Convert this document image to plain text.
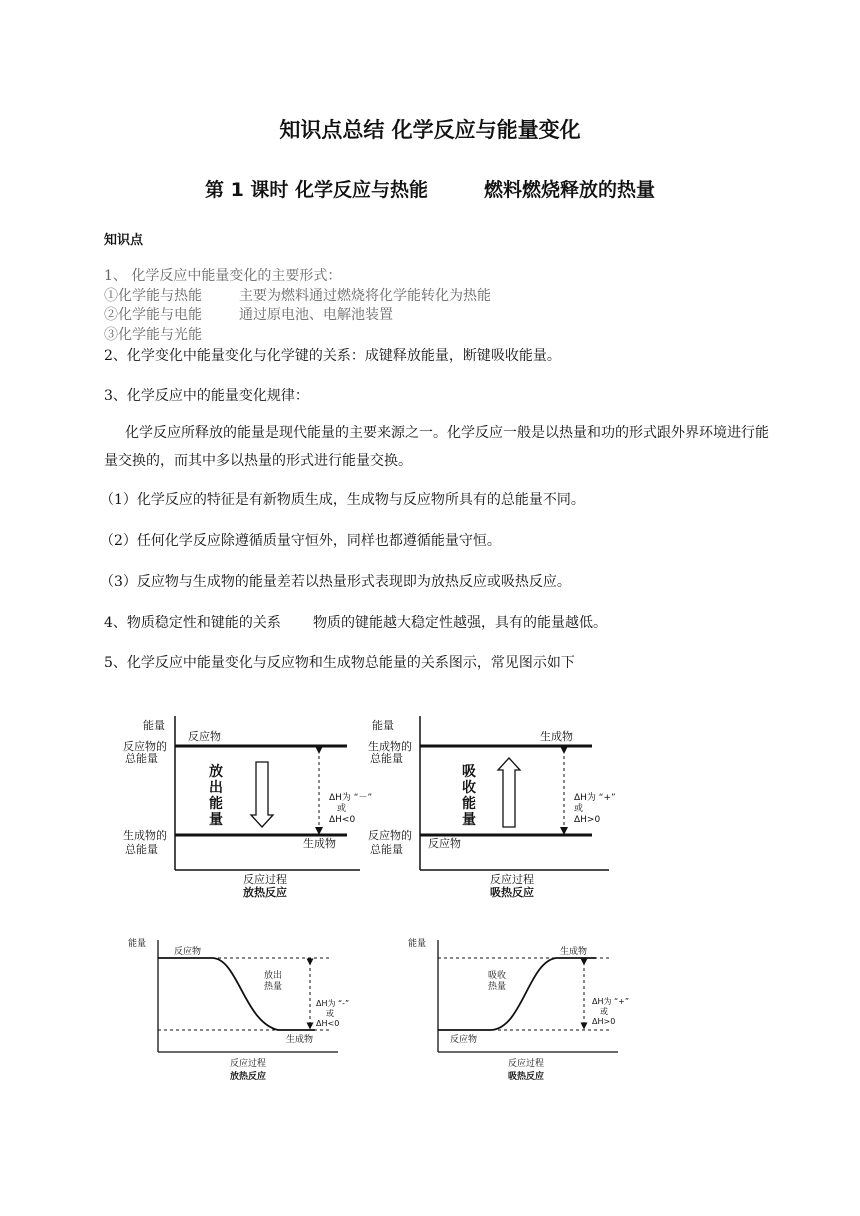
知识点总结 化学反应与能量变化
第 1 课时 化学反应与热能	燃料燃烧释放的热量
知识点
1、 化学反应中能量变化的主要形式：
①化学能与热能	主要为燃料通过燃烧将化学能转化为热能
②化学能与电能	通过原电池、电解池装置
③化学能与光能
2、化学变化中能量变化与化学键的关系：成键释放能量，断键吸收能量。
3、化学反应中的能量变化规律：
化学反应所释放的能量是现代能量的主要来源之一。化学反应一般是以热量和功的形式跟外界环境进行能量交换的，而其中多以热量的形式进行能量交换。
（1）化学反应的特征是有新物质生成，生成物与反应物所具有的总能量不同。
（2）任何化学反应除遵循质量守恒外，同样也都遵循能量守恒。
（3）反应物与生成物的能量差若以热量形式表现即为放热反应或吸热反应。
4、物质稳定性和键能的关系 物质的键能越大稳定性越强，具有的能量越低。
5、化学反应中能量变化与反应物和生成物总能量的关系图示，常见图示如下
能量
反应物
反应物的
总能量
生成物的
总能量	生成物
放
出
能
量
ΔH为 “－”
或
ΔH<0
反应过程
放热反应
能量
生成物
生成物的
总能量
反应物的
总能量 反应物
吸
收
能
量
ΔH为 “+”
或
ΔH>0
反应过程
吸热反应
能量
反应物
生成物
放出
热量
ΔH为 “-”
或
ΔH<0
反应过程
放热反应
能量
生成物
反应物
吸收
热量
ΔH为 “+”
或
ΔH>0
反应过程
吸热反应
